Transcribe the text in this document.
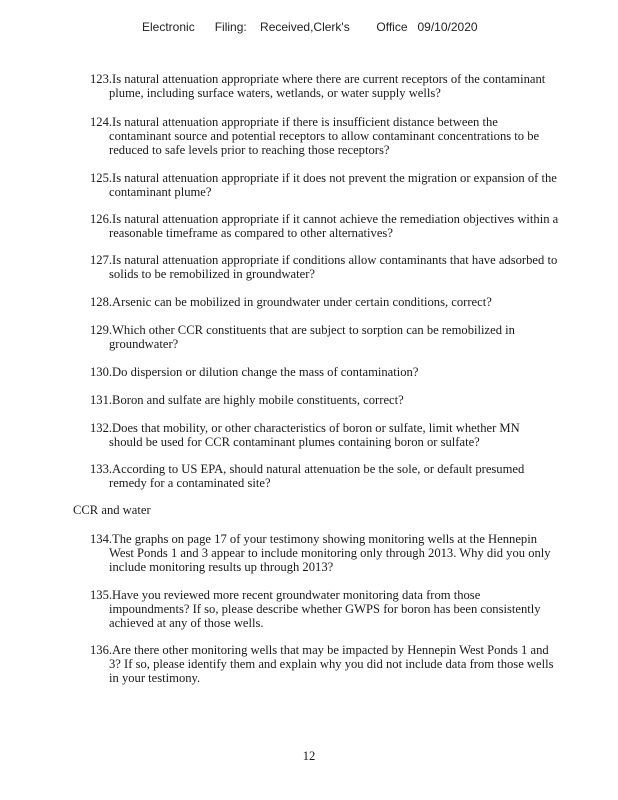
Electronic      Filing:    Received,Clerk's        Office   09/10/2020
123.Is natural attenuation appropriate where there are current receptors of the contaminant
plume, including surface waters, wetlands, or water supply wells?
124.Is natural attenuation appropriate if there is insufficient distance between the
contaminant source and potential receptors to allow contaminant concentrations to be
reduced to safe levels prior to reaching those receptors?
125.Is natural attenuation appropriate if it does not prevent the migration or expansion of the
contaminant plume?
126.Is natural attenuation appropriate if it cannot achieve the remediation objectives within a
reasonable timeframe as compared to other alternatives?
127.Is natural attenuation appropriate if conditions allow contaminants that have adsorbed to
solids to be remobilized in groundwater?
128.Arsenic can be mobilized in groundwater under certain conditions, correct?
129.Which other CCR constituents that are subject to sorption can be remobilized in
groundwater?
130.Do dispersion or dilution change the mass of contamination?
131.Boron and sulfate are highly mobile constituents, correct?
132.Does that mobility, or other characteristics of boron or sulfate, limit whether MN
should be used for CCR contaminant plumes containing boron or sulfate?
133.According to US EPA, should natural attenuation be the sole, or default presumed
remedy for a contaminated site?
134.The graphs on page 17 of your testimony showing monitoring wells at the Hennepin
West Ponds 1 and 3 appear to include monitoring only through 2013. Why did you only
include monitoring results up through 2013?
135.Have you reviewed more recent groundwater monitoring data from those
impoundments? If so, please describe whether GWPS for boron has been consistently
achieved at any of those wells.
136.Are there other monitoring wells that may be impacted by Hennepin West Ponds 1 and
3? If so, please identify them and explain why you did not include data from those wells
in your testimony.
CCR and water
12
